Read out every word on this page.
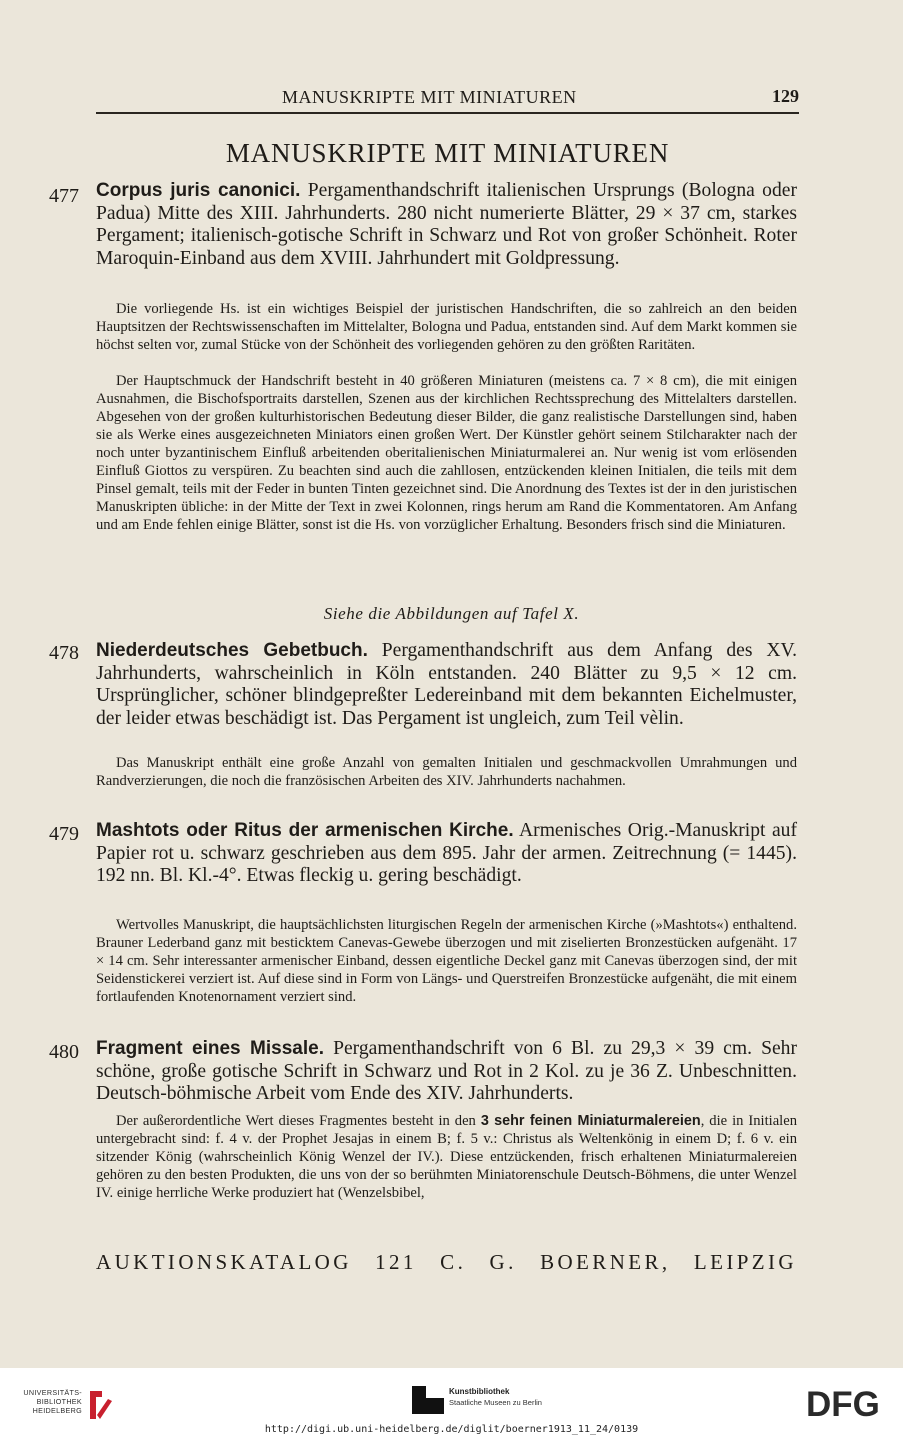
MANUSKRIPTE MIT MINIATUREN	129
MANUSKRIPTE MIT MINIATUREN
477 Corpus juris canonici. Pergamenthandschrift italienischen Ursprungs (Bologna oder Padua) Mitte des XIII. Jahrhunderts. 280 nicht numerierte Blätter, 29 × 37 cm, starkes Pergament; italienisch-gotische Schrift in Schwarz und Rot von großer Schönheit. Roter Maroquin-Einband aus dem XVIII. Jahrhundert mit Goldpressung.

Die vorliegende Hs. ist ein wichtiges Beispiel der juristischen Handschriften, die so zahlreich an den beiden Hauptsitzen der Rechtswissenschaften im Mittelalter, Bologna und Padua, entstanden sind. Auf dem Markt kommen sie höchst selten vor, zumal Stücke von der Schönheit des vorliegenden gehören zu den größten Raritäten.

Der Hauptschmuck der Handschrift besteht in 40 größeren Miniaturen (meistens ca. 7 × 8 cm), die mit einigen Ausnahmen, die Bischofsportraits darstellen, Szenen aus der kirchlichen Rechtssprechung des Mittelalters darstellen. Abgesehen von der großen kulturhistorischen Bedeutung dieser Bilder, die ganz realistische Darstellungen sind, haben sie als Werke eines ausgezeichneten Miniators einen großen Wert. Der Künstler gehört seinem Stilcharakter nach der noch unter byzantinischem Einfluß arbeitenden oberitalienischen Miniaturmalerei an. Nur wenig ist vom erlösenden Einfluß Giottos zu verspüren. Zu beachten sind auch die zahllosen, entzückenden kleinen Initialen, die teils mit dem Pinsel gemalt, teils mit der Feder in bunten Tinten gezeichnet sind. Die Anordnung des Textes ist der in den juristischen Manuskripten übliche: in der Mitte der Text in zwei Kolonnen, rings herum am Rand die Kommentatoren. Am Anfang und am Ende fehlen einige Blätter, sonst ist die Hs. von vorzüglicher Erhaltung. Besonders frisch sind die Miniaturen.

Siehe die Abbildungen auf Tafel X.

478 Niederdeutsches Gebetbuch. Pergamenthandschrift aus dem Anfang des XV. Jahrhunderts, wahrscheinlich in Köln entstanden. 240 Blätter zu 9,5 × 12 cm. Ursprünglicher, schöner blindgepreßter Ledereinband mit dem bekannten Eichelmuster, der leider etwas beschädigt ist. Das Pergament ist ungleich, zum Teil vèlin.

Das Manuskript enthält eine große Anzahl von gemalten Initialen und geschmackvollen Umrahmungen und Randverzierungen, die noch die französischen Arbeiten des XIV. Jahrhunderts nachahmen.

479 Mashtots oder Ritus der armenischen Kirche. Armenisches Orig.-Manuskript auf Papier rot u. schwarz geschrieben aus dem 895. Jahr der armen. Zeitrechnung (= 1445). 192 nn. Bl. Kl.-4°. Etwas fleckig u. gering beschädigt.

Wertvolles Manuskript, die hauptsächlichsten liturgischen Regeln der armenischen Kirche (»Mashtots«) enthaltend. Brauner Lederband ganz mit besticktem Canevas-Gewebe überzogen und mit ziselierten Bronzestücken aufgenäht. 17 × 14 cm. Sehr interessanter armenischer Einband, dessen eigentliche Deckel ganz mit Canevas überzogen sind, der mit Seidenstickerei verziert ist. Auf diese sind in Form von Längs- und Querstreifen Bronzestücke aufgenäht, die mit einem fortlaufenden Knotenornament verziert sind.

480 Fragment eines Missale. Pergamenthandschrift von 6 Bl. zu 29,3 × 39 cm. Sehr schöne, große gotische Schrift in Schwarz und Rot in 2 Kol. zu je 36 Z. Unbeschnitten. Deutsch-böhmische Arbeit vom Ende des XIV. Jahrhunderts.

Der außerordentliche Wert dieses Fragmentes besteht in den 3 sehr feinen Miniaturmalereien, die in Initialen untergebracht sind: f. 4 v. der Prophet Jesajas in einem B; f. 5 v.: Christus als Weltenkönig in einem D; f. 6 v. ein sitzender König (wahrscheinlich König Wenzel der IV.). Diese entzückenden, frisch erhaltenen Miniaturmalereien gehören zu den besten Produkten, die uns von der so berühmten Miniatorenschule Deutsch-Böhmens, die unter Wenzel IV. einige herrliche Werke produziert hat (Wenzelsbibel,

AUKTIONSKATALOG 121 C. G. BOERNER, LEIPZIG
UNIVERSITÄTS-
BIBLIOTHEK
HEIDELBERG
Kunstbibliothek
Staatliche Museen zu Berlin	DFG
http://digi.ub.uni-heidelberg.de/diglit/boerner1913_11_24/0139
